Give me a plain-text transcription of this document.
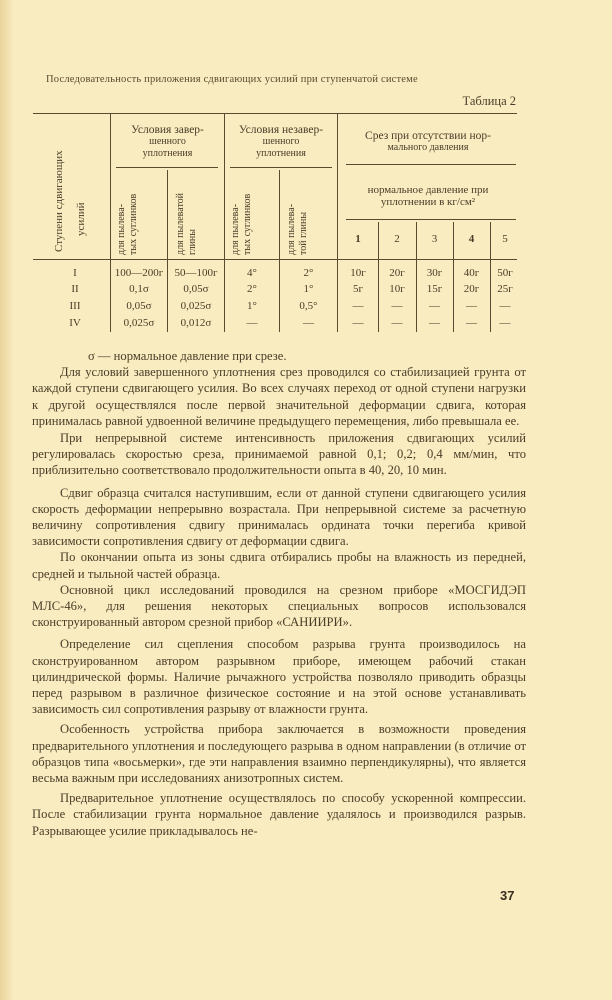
Последовательность приложения сдвигающих усилий при ступенчатой системе
Таблица 2
Ступени сдвигающих усилий
Условия завер-
шенного
уплотнения
Условия незавер-
шенного
уплотнения
Срез при отсутствии нор-
мального давления
нормальное давление при
уплотнении в кг/см²
для пылева- тых суглинков	для пылеватой глины	для пылева- тых суглинков	для пылева- той глины	1	2	3	4	5
I	100—200г	50—100г	4°	2°	10г	20г	30г	40г	50г
II	0,1σ	0,05σ	2°	1°	5г	10г	15г	20г	25г
III	0,05σ	0,025σ	1°	0,5°	—	—	—	—	—
IV	0,025σ	0,012σ	—	—	—	—	—	—	—

σ — нормальное давление при срезе.

Для условий завершенного уплотнения срез проводился со стабилизацией грунта от каждой ступени сдвигающего усилия. Во всех случаях переход от одной ступени нагрузки к другой осуществлялся после первой значительной деформации сдвига, которая принималась равной удвоенной величине предыдущего перемещения, либо превышала ее.

При непрерывной системе интенсивность приложения сдвигающих усилий регулировалась скоростью среза, принимаемой равной 0,1; 0,2; 0,4 мм/мин, что приблизительно соответствовало продолжительности опыта в 40, 20, 10 мин.

Сдвиг образца считался наступившим, если от данной ступени сдвигающего усилия скорость деформации непрерывно возрастала. При непрерывной системе за расчетную величину сопротивления сдвигу принималась ордината точки перегиба кривой зависимости сопротивления сдвигу от деформации сдвига.

По окончании опыта из зоны сдвига отбирались пробы на влажность из передней, средней и тыльной частей образца.

Основной цикл исследований проводился на срезном приборе «МОСГИДЭП МЛС-46», для решения некоторых специальных вопросов использовался сконструированный автором срезной прибор «САНИИРИ».

Определение сил сцепления способом разрыва грунта производилось на сконструированном автором разрывном приборе, имеющем рабочий стакан цилиндрической формы. Наличие рычажного устройства позволяло приводить образцы перед разрывом в различное физическое состояние и на этой основе устанавливать зависимость сил сопротивления разрыву от влажности грунта.

Особенность устройства прибора заключается в возможности проведения предварительного уплотнения и последующего разрыва в одном направлении (в отличие от образцов типа «восьмерки», где эти направления взаимно перпендикулярны), что является весьма важным при исследованиях анизотропных систем.

Предварительное уплотнение осуществлялось по способу ускоренной компрессии. После стабилизации грунта нормальное давление удалялось и производился разрыв. Разрывающее усилие прикладывалось не-

37
